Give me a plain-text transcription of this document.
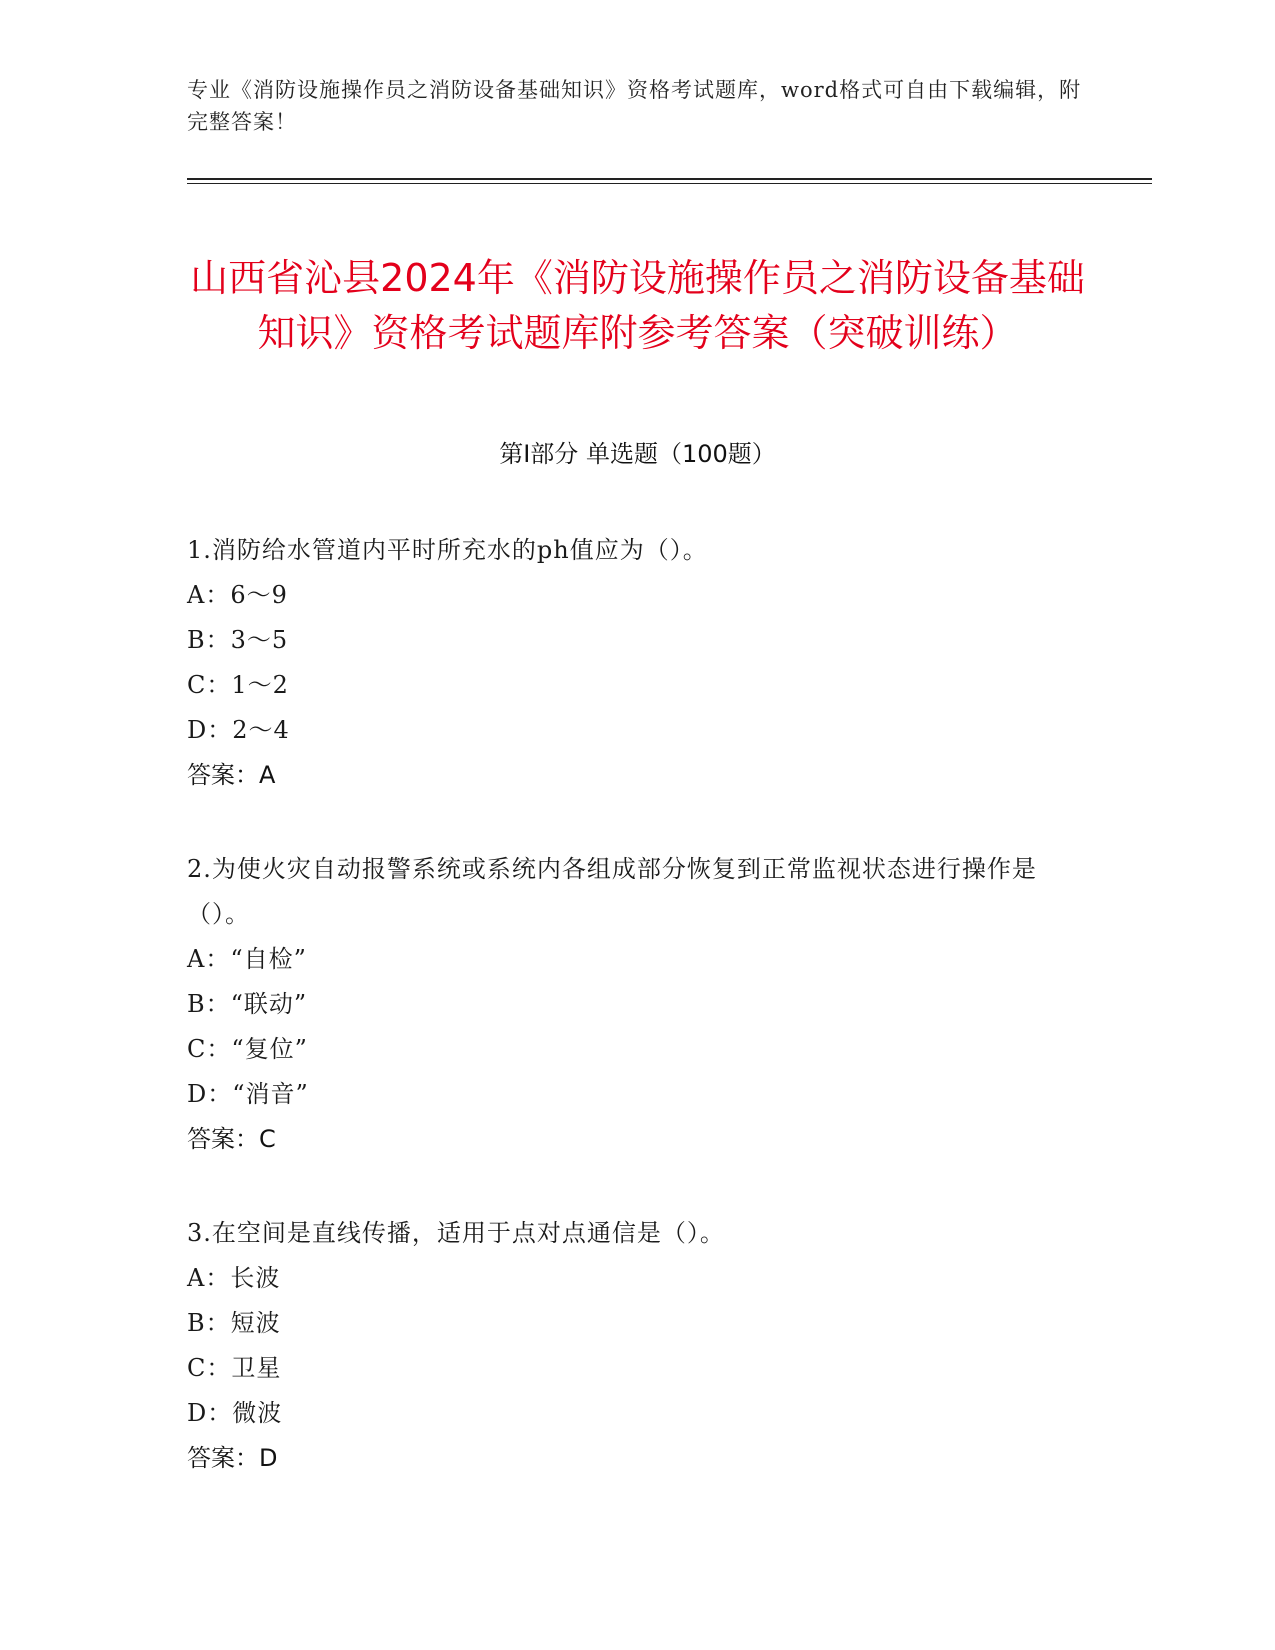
专业《消防设施操作员之消防设备基础知识》资格考试题库，word格式可自由下载编辑，附完整答案！
山西省沁县2024年《消防设施操作员之消防设备基础知识》资格考试题库附参考答案（突破训练）
第Ⅰ部分 单选题（100题）
1.消防给水管道内平时所充水的ph值应为（）。
A：6～9
B：3～5
C：1～2
D：2～4
答案：A
2.为使火灾自动报警系统或系统内各组成部分恢复到正常监视状态进行操作是（）。
A：“自检”
B：“联动”
C：“复位”
D：“消音”
答案：C
3.在空间是直线传播，适用于点对点通信是（）。
A：长波
B：短波
C：卫星
D：微波
答案：D
